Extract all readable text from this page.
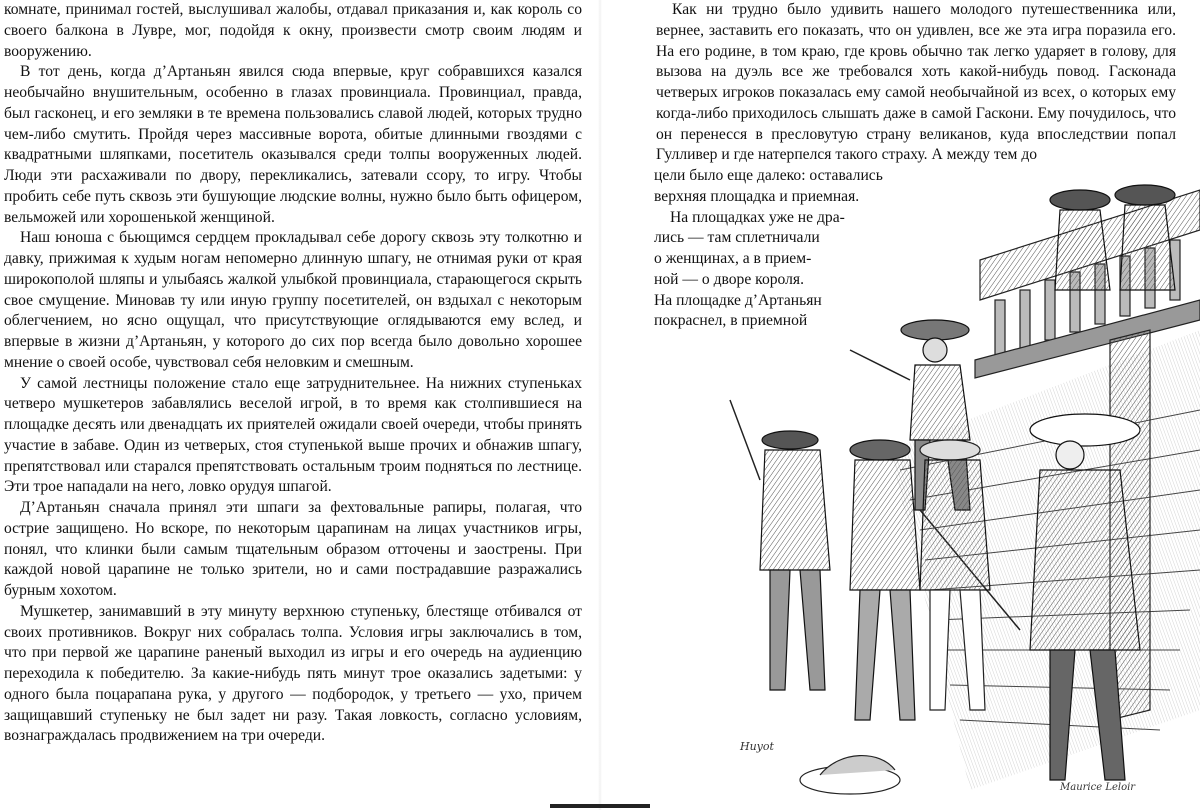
комнате, принимал гостей, выслушивал жалобы, отдавал приказания и, как король со своего балкона в Лувре, мог, подойдя к окну, произвести смотр своим людям и вооружению.

В тот день, когда д’Артаньян явился сюда впервые, круг собравшихся казался необычайно внушительным, особенно в глазах провинциала. Провинциал, правда, был гасконец, и его земляки в те времена пользовались славой людей, которых трудно чем-либо смутить. Пройдя через массивные ворота, обитые длинными гвоздями с квадратными шляпками, посетитель оказывался среди толпы вооруженных людей. Люди эти расхаживали по двору, перекликались, затевали ссору, то игру. Чтобы пробить себе путь сквозь эти бушующие людские волны, нужно было быть офицером, вельможей или хорошенькой женщиной.

Наш юноша с бьющимся сердцем прокладывал себе дорогу сквозь эту толкотню и давку, прижимая к худым ногам непомерно длинную шпагу, не отнимая руки от края широкополой шляпы и улыбаясь жалкой улыбкой провинциала, старающегося скрыть свое смущение. Миновав ту или иную группу посетителей, он вздыхал с некоторым облегчением, но ясно ощущал, что присутствующие оглядываются ему вслед, и впервые в жизни д’Артаньян, у которого до сих пор всегда было довольно хорошее мнение о своей особе, чувствовал себя неловким и смешным.

У самой лестницы положение стало еще затруднительнее. На нижних ступеньках четверо мушкетеров забавлялись веселой игрой, в то время как столпившиеся на площадке десять или двенадцать их приятелей ожидали своей очереди, чтобы принять участие в забаве. Один из четверых, стоя ступенькой выше прочих и обнажив шпагу, препятствовал или старался препятствовать остальным троим подняться по лестнице. Эти трое нападали на него, ловко орудуя шпагой.

Д’Артаньян сначала принял эти шпаги за фехтовальные рапиры, полагая, что острие защищено. Но вскоре, по некоторым царапинам на лицах участников игры, понял, что клинки были самым тщательным образом отточены и заострены. При каждой новой царапине не только зрители, но и сами пострадавшие разражались бурным хохотом.

Мушкетер, занимавший в эту минуту верхнюю ступеньку, блестяще отбивался от своих противников. Вокруг них собралась толпа. Условия игры заключались в том, что при первой же царапине раненый выходил из игры и его очередь на аудиенцию переходила к победителю. За какие-нибудь пять минут трое оказались задетыми: у одного была поцарапана рука, у другого — подбородок, у третьего — ухо, причем защищавший ступеньку не был задет ни разу. Такая ловкость, согласно условиям, вознаграждалась продвижением на три очереди.

Как ни трудно было удивить нашего молодого путешественника или, вернее, заставить его показать, что он удивлен, все же эта игра поразила его. На его родине, в том краю, где кровь обычно так легко ударяет в голову, для вызова на дуэль все же требовался хоть какой-нибудь повод. Гасконада четверых игроков показалась ему самой необычайной из всех, о которых ему когда-либо приходилось слышать даже в самой Гаскони. Ему почудилось, что он перенесся в пресловутую страну великанов, куда впоследствии попал Гулливер и где натерпелся такого страху. А между тем до

цели было еще далеко: оставались
верхняя площадка и приемная.
На площадках уже не дра-
лись — там сплетничали
о женщинах, а в прием-
ной — о дворе короля.
На площадке д’Артаньян
покраснел, в приемной
Huyot
Maurice Leloir
